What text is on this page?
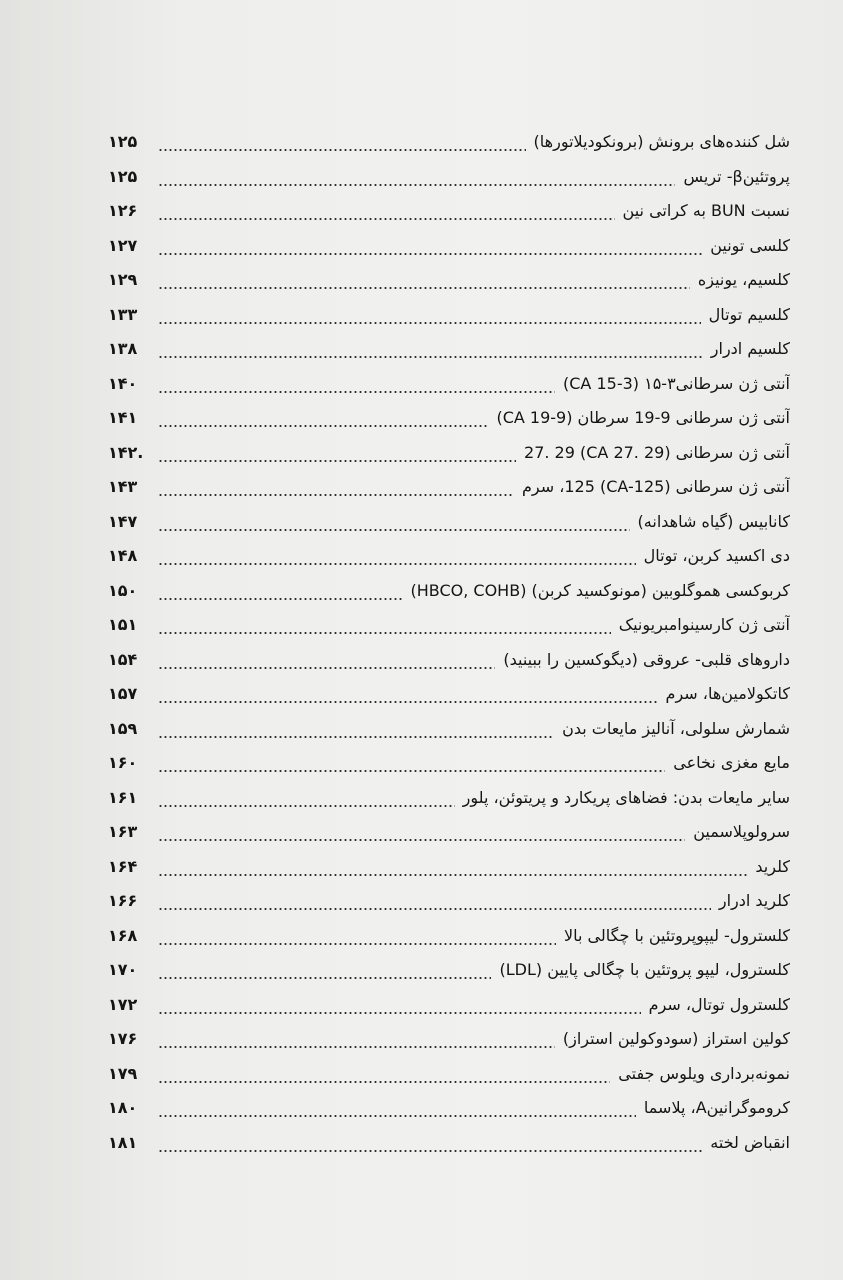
شل کننده‌های برونش (برونکودیلاتورها)
۱۲۵
پروتئینβ- تریس
۱۲۵
نسبت BUN به کراتی نین
۱۲۶
کلسی تونین
۱۲۷
کلسیم، یونیزه
۱۲۹
کلسیم توتال
۱۳۳
کلسیم ادرار
۱۳۸
آنتی ژن سرطانی۳-۱۵ (CA 15-3)
۱۴۰
آنتی ژن سرطانی 9-19 سرطان (CA 19-9)
۱۴۱
آنتی ژن سرطانی (CA 27. 29) 27. 29
۱۴۲.
آنتی ژن سرطانی (CA-125) 125، سرم
۱۴۳
کانابیس (گیاه شاهدانه)
۱۴۷
دی اکسید کربن، توتال
۱۴۸
کربوکسی هموگلوبین (مونوکسید کربن) (HBCO, COHB)
۱۵۰
آنتی ژن کارسینوامبریونیک
۱۵۱
داروهای قلبی- عروقی (دیگوکسین را ببینید)
۱۵۴
کاتکولامین‌ها، سرم
۱۵۷
شمارش سلولی، آنالیز مایعات بدن
۱۵۹
مایع مغزی نخاعی
۱۶۰
سایر مایعات بدن: فضاهای پریکارد و پریتوئن، پلور
۱۶۱
سرولوپلاسمین
۱۶۳
کلرید
۱۶۴
کلرید ادرار
۱۶۶
کلسترول- لیپوپروتئین با چگالی بالا
۱۶۸
کلسترول، لیپو پروتئین با چگالی پایین (LDL)
۱۷۰
کلسترول توتال، سرم
۱۷۲
کولین استراز (سودوکولین استراز)
۱۷۶
نمونه‌برداری ویلوس جفتی
۱۷۹
کروموگرانینA، پلاسما
۱۸۰
انقباض لخته
۱۸۱
